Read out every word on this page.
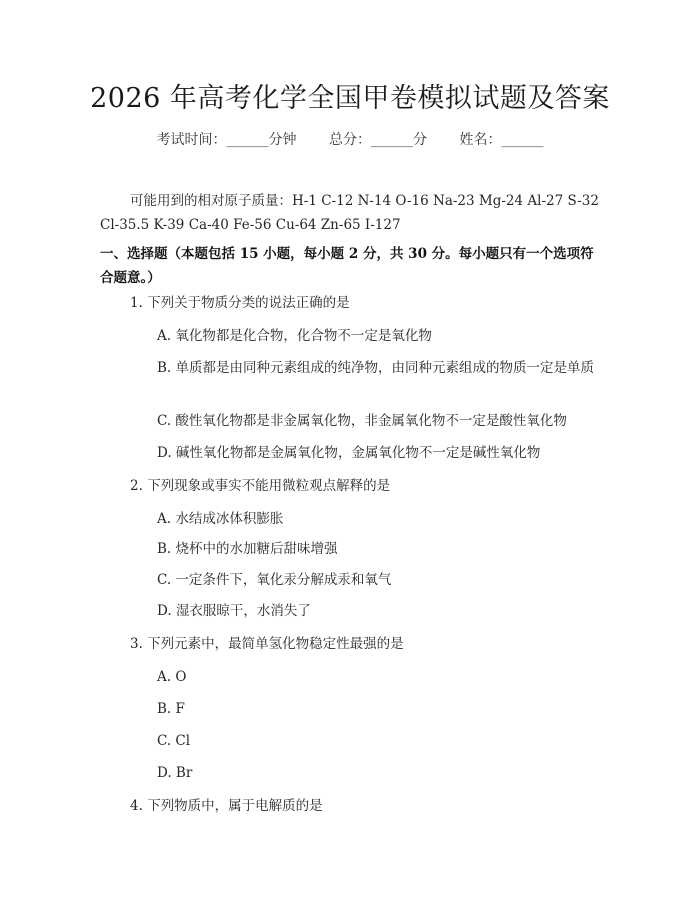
2026 年高考化学全国甲卷模拟试题及答案
考试时间：______分钟 总分：______分 姓名：______
可能用到的相对原子质量：H-1 C-12 N-14 O-16 Na-23 Mg-24 Al-27 S-32 Cl-35.5 K-39 Ca-40 Fe-56 Cu-64 Zn-65 I-127
一、选择题（本题包括 15 小题，每小题 2 分，共 30 分。每小题只有一个选项符合题意。）
1. 下列关于物质分类的说法正确的是
A. 氧化物都是化合物，化合物不一定是氧化物
B. 单质都是由同种元素组成的纯净物，由同种元素组成的物质一定是单质
C. 酸性氧化物都是非金属氧化物，非金属氧化物不一定是酸性氧化物
D. 碱性氧化物都是金属氧化物，金属氧化物不一定是碱性氧化物
2. 下列现象或事实不能用微粒观点解释的是
A. 水结成冰体积膨胀
B. 烧杯中的水加糖后甜味增强
C. 一定条件下，氧化汞分解成汞和氧气
D. 湿衣服晾干，水消失了
3. 下列元素中，最简单氢化物稳定性最强的是
A. O
B. F
C. Cl
D. Br
4. 下列物质中，属于电解质的是
